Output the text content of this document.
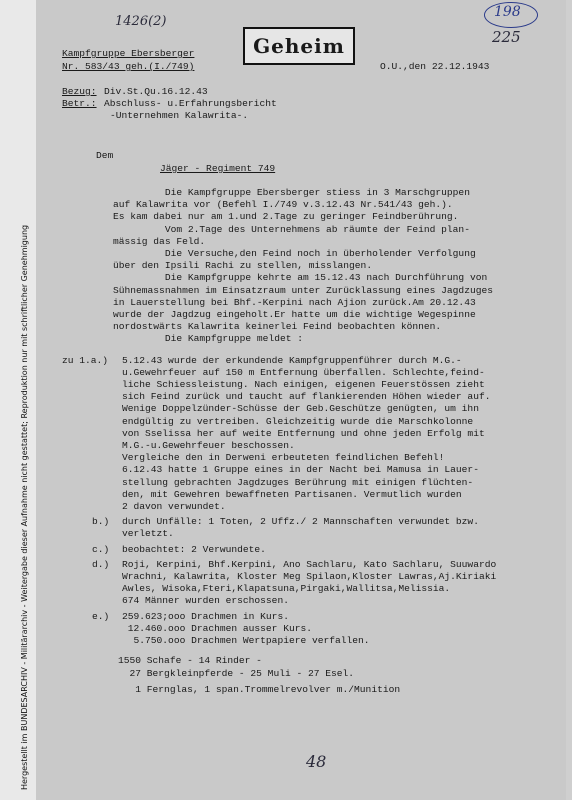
Hergestellt im BUNDESARCHIV - Militärarchiv - Weitergabe dieser Aufnahme nicht gestattet; Reproduktion nur mit schriftlicher Genehmigung
1426(2)
198
225
Geheim
Kampfgruppe Ebersberger
Nr. 583/43 geh.(I./749)	O.U.,den 22.12.1943
Bezug: Div.St.Qu.16.12.43
Betr.: Abschluss- u.Erfahrungsbericht
-Unternehmen Kalawrita-.
Dem
Jäger - Regiment 749
48
Die Kampfgruppe Ebersberger stiess in 3 Marschgruppen
auf Kalawrita vor (Befehl I./749 v.3.12.43 Nr.541/43 geh.).
Es kam dabei nur am 1.und 2.Tage zu geringer Feindberührung.
Vom 2.Tage des Unternehmens ab räumte der Feind plan-
mässig das Feld.
Die Versuche,den Feind noch in überholender Verfolgung
über den Ipsili Rachi zu stellen, misslangen.
Die Kampfgruppe kehrte am 15.12.43 nach Durchführung von
Sühnemassnahmen im Einsatzraum unter Zurücklassung eines Jagdzuges
in Lauerstellung bei Bhf.-Kerpini nach Ajion zurück.Am 20.12.43
wurde der Jagdzug eingeholt.Er hatte um die wichtige Wegespinne
nordostwärts Kalawrita keinerlei Feind beobachten können.
Die Kampfgruppe meldet :
zu 1.a.) 5.12.43 wurde der erkundende Kampfgruppenführer durch M.G.-
u.Gewehrfeuer auf 150 m Entfernung überfallen. Schlechte,feind-
liche Schiessleistung. Nach einigen, eigenen Feuerstössen zieht
sich Feind zurück und taucht auf flankierenden Höhen wieder auf.
Wenige Doppelzünder-Schüsse der Geb.Geschütze genügten, um ihn
endgültig zu vertreiben. Gleichzeitig wurde die Marschkolonne
von Sselissa her auf weite Entfernung und ohne jeden Erfolg mit
M.G.-u.Gewehrfeuer beschossen.
Vergleiche den in Derweni erbeuteten feindlichen Befehl!
6.12.43 hatte 1 Gruppe eines in der Nacht bei Mamusa in Lauer-
stellung gebrachten Jagdzuges Berührung mit einigen flüchten-
den, mit Gewehren bewaffneten Partisanen. Vermutlich wurden
2 davon verwundet.
b.) durch Unfälle: 1 Toten, 2 Uffz./ 2 Mannschaften verwundet bzw.
verletzt.
c.) beobachtet: 2 Verwundete.
d.) Roji, Kerpini, Bhf.Kerpini, Ano Sachlaru, Kato Sachlaru, Suuwardo
Wrachni, Kalawrita, Kloster Meg Spilaon,Kloster Lawras,Aj.Kiriaki
Awles, Wisoka,Fteri,Klapatsuna,Pirgaki,Wallitsa,Melissia.
674 Männer wurden erschossen.
e.) 259.623;ooo Drachmen in Kurs.
12.460.ooo Drachmen ausser Kurs.
5.750.ooo Drachmen Wertpapiere verfallen.
1550 Schafe - 14 Rinder -
27 Bergkleinpferde - 25 Muli - 27 Esel.
1 Fernglas, 1 span.Trommelrevolver m./Munition
